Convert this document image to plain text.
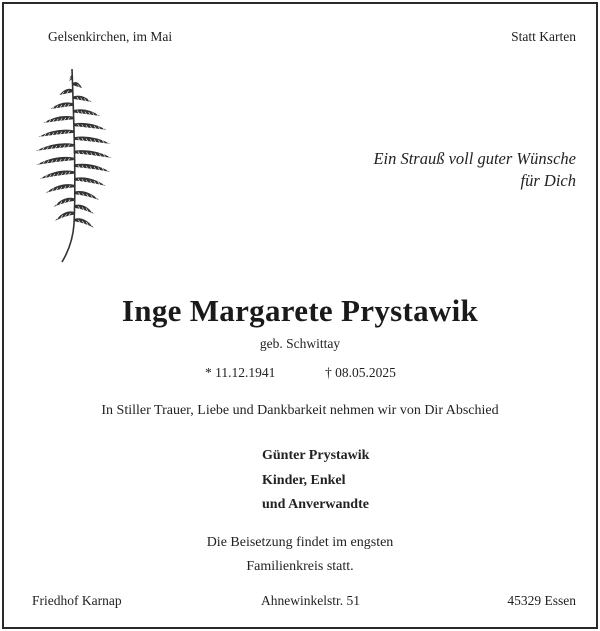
Gelsenkirchen, im Mai	Statt Karten

Ein Strauß voll guter Wünsche
für Dich

Inge Margarete Prystawik

geb. Schwittay

* 11.12.1941	† 08.05.2025

In Stiller Trauer, Liebe und Dankbarkeit nehmen wir von Dir Abschied

Günter Prystawik
Kinder, Enkel
und Anverwandte
Die Beisetzung findet im engsten
Familienkreis statt.

Friedhof Karnap	Ahnewinkelstr. 51	45329 Essen
